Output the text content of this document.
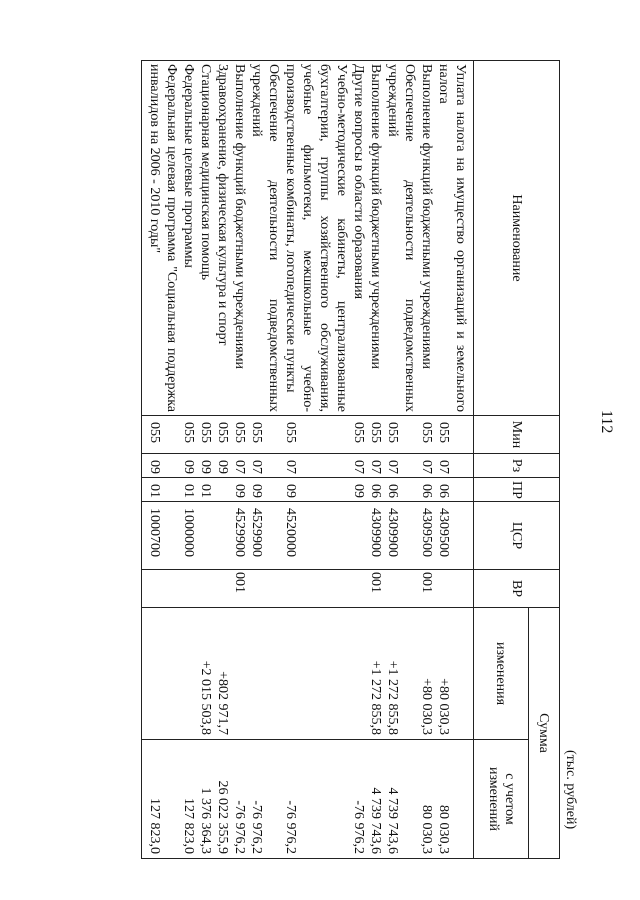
112
(тыс. рублей)
Наименование	Мин	Рз	ПР	ЦСР	ВР	Сумма	
						изменения	с учетом изменений
Уплата налога на имущество организаций и земельного налога	055	07	06	4309500		+80 030,3	80 030,3
Выполнение функций бюджетными учреждениями	055	07	06	4309500	001	+80 030,3	80 030,3
Обеспечение деятельности подведомственных учреждений	055	07	06	4309900		+1 272 855,8	4 739 743,6
Выполнение функций бюджетными учреждениями	055	07	06	4309900	001	+1 272 855,8	4 739 743,6
Другие вопросы в области образования	055	07	09				-76 976,2
Учебно-методические кабинеты, централизованные бухгалтерии, группы хозяйственного обслуживания, учебные фильмотеки, межшкольные учебно-производственные комбинаты, логопедические пункты	055	07	09	4520000			-76 976,2
Обеспечение деятельности подведомственных учреждений	055	07	09	4529900			-76 976,2
Выполнение функций бюджетными учреждениями	055	07	09	4529900	001		-76 976,2
Здравоохранение, физическая культура и спорт	055	09				+802 971,7	26 022 355,9
Стационарная медицинская помощь	055	09	01			+2 015 503,8	1 376 364,3
Федеральные целевые программы	055	09	01	1000000			127 823,0
Федеральная целевая программа "Социальная поддержка инвалидов на 2006 - 2010 годы"	055	09	01	1000700			127 823,0
